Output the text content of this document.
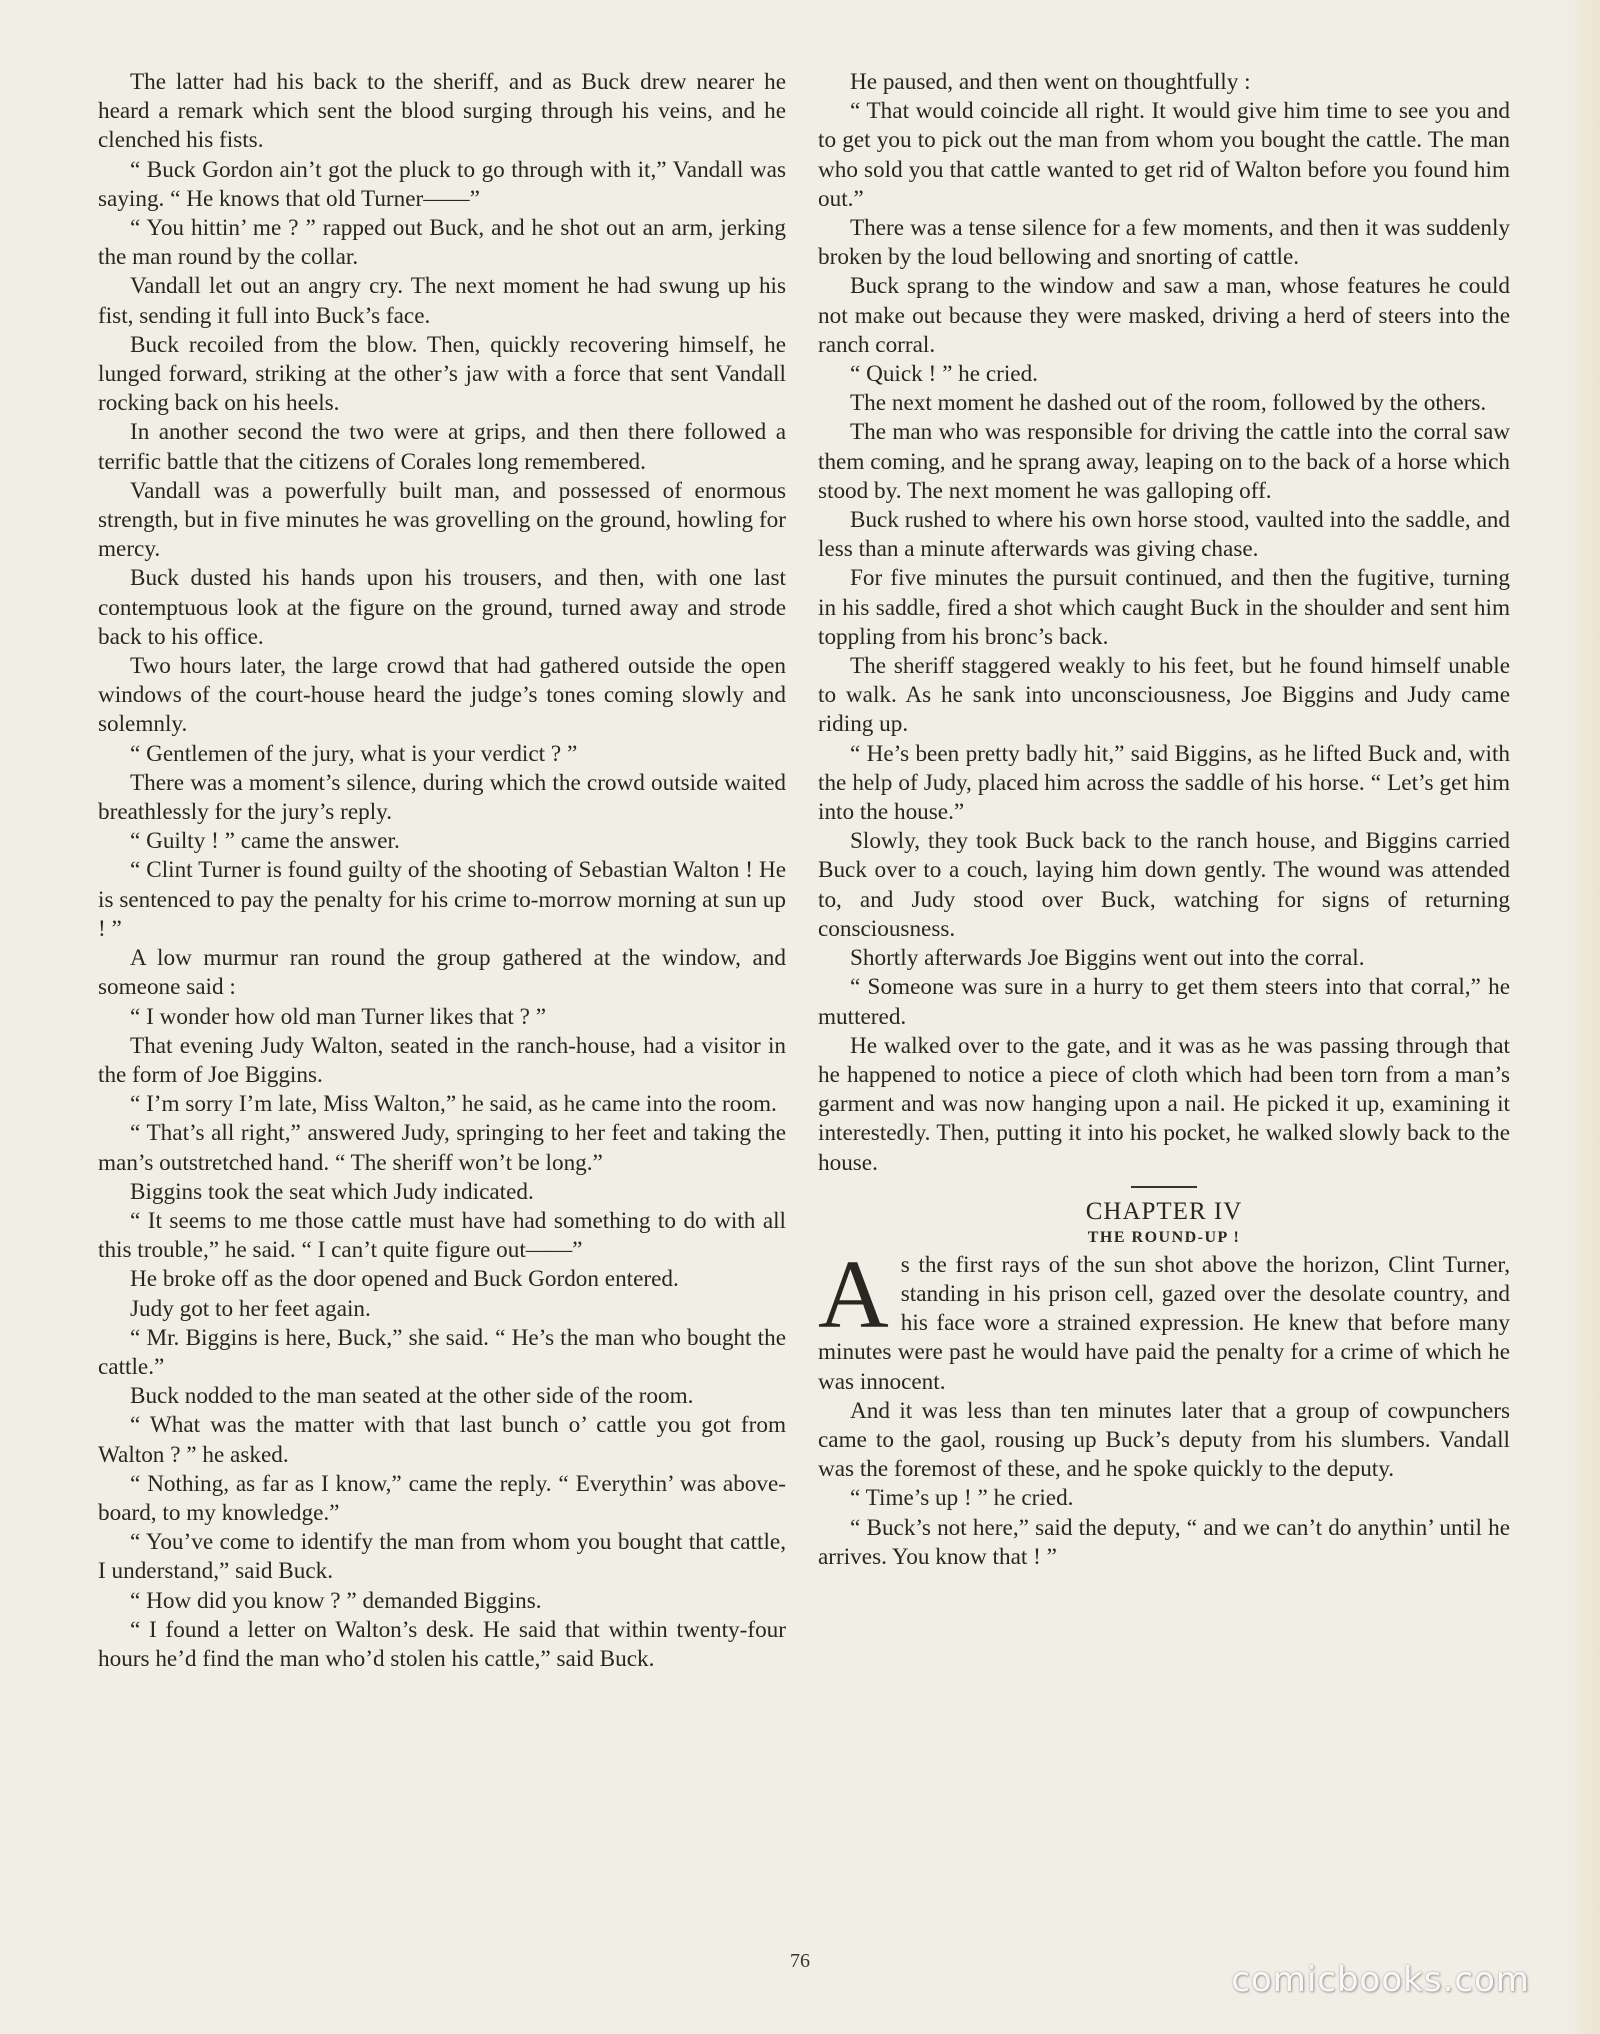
The latter had his back to the sheriff, and as Buck drew nearer he heard a remark which sent the blood surging through his veins, and he clenched his fists.

“ Buck Gordon ain’t got the pluck to go through with it,” Vandall was saying. “ He knows that old Turner——”

“ You hittin’ me ? ” rapped out Buck, and he shot out an arm, jerking the man round by the collar.

Vandall let out an angry cry. The next moment he had swung up his fist, sending it full into Buck’s face.

Buck recoiled from the blow. Then, quickly recovering himself, he lunged forward, striking at the other’s jaw with a force that sent Vandall rocking back on his heels.

In another second the two were at grips, and then there followed a terrific battle that the citizens of Corales long remembered.

Vandall was a powerfully built man, and possessed of enormous strength, but in five minutes he was grovelling on the ground, howling for mercy.

Buck dusted his hands upon his trousers, and then, with one last contemptuous look at the figure on the ground, turned away and strode back to his office.

Two hours later, the large crowd that had gathered outside the open windows of the court-house heard the judge’s tones coming slowly and solemnly.

“ Gentlemen of the jury, what is your verdict ? ”

There was a moment’s silence, during which the crowd outside waited breathlessly for the jury’s reply.

“ Guilty ! ” came the answer.

“ Clint Turner is found guilty of the shooting of Sebastian Walton ! He is sentenced to pay the penalty for his crime to-morrow morning at sun up ! ”

A low murmur ran round the group gathered at the window, and someone said :

“ I wonder how old man Turner likes that ? ”

That evening Judy Walton, seated in the ranch-house, had a visitor in the form of Joe Biggins.

“ I’m sorry I’m late, Miss Walton,” he said, as he came into the room.

“ That’s all right,” answered Judy, springing to her feet and taking the man’s outstretched hand. “ The sheriff won’t be long.”

Biggins took the seat which Judy indicated.

“ It seems to me those cattle must have had something to do with all this trouble,” he said. “ I can’t quite figure out——”

He broke off as the door opened and Buck Gordon entered.

Judy got to her feet again.

“ Mr. Biggins is here, Buck,” she said. “ He’s the man who bought the cattle.”

Buck nodded to the man seated at the other side of the room.

“ What was the matter with that last bunch o’ cattle you got from Walton ? ” he asked.

“ Nothing, as far as I know,” came the reply. “ Everythin’ was above-board, to my knowledge.”

“ You’ve come to identify the man from whom you bought that cattle, I understand,” said Buck.

“ How did you know ? ” demanded Biggins.

“ I found a letter on Walton’s desk. He said that within twenty-four hours he’d find the man who’d stolen his cattle,” said Buck.

He paused, and then went on thoughtfully :

“ That would coincide all right. It would give him time to see you and to get you to pick out the man from whom you bought the cattle. The man who sold you that cattle wanted to get rid of Walton before you found him out.”

There was a tense silence for a few moments, and then it was suddenly broken by the loud bellowing and snorting of cattle.

Buck sprang to the window and saw a man, whose features he could not make out because they were masked, driving a herd of steers into the ranch corral.

“ Quick ! ” he cried.

The next moment he dashed out of the room, followed by the others.

The man who was responsible for driving the cattle into the corral saw them coming, and he sprang away, leaping on to the back of a horse which stood by. The next moment he was galloping off.

Buck rushed to where his own horse stood, vaulted into the saddle, and less than a minute afterwards was giving chase.

For five minutes the pursuit continued, and then the fugitive, turning in his saddle, fired a shot which caught Buck in the shoulder and sent him toppling from his bronc’s back.

The sheriff staggered weakly to his feet, but he found himself unable to walk. As he sank into unconsciousness, Joe Biggins and Judy came riding up.

“ He’s been pretty badly hit,” said Biggins, as he lifted Buck and, with the help of Judy, placed him across the saddle of his horse. “ Let’s get him into the house.”

Slowly, they took Buck back to the ranch house, and Biggins carried Buck over to a couch, laying him down gently. The wound was attended to, and Judy stood over Buck, watching for signs of returning consciousness.

Shortly afterwards Joe Biggins went out into the corral.

“ Someone was sure in a hurry to get them steers into that corral,” he muttered.

He walked over to the gate, and it was as he was passing through that he happened to notice a piece of cloth which had been torn from a man’s garment and was now hanging upon a nail. He picked it up, examining it interestedly. Then, putting it into his pocket, he walked slowly back to the house.

CHAPTER IV
THE ROUND-UP !

As the first rays of the sun shot above the horizon, Clint Turner, standing in his prison cell, gazed over the desolate country, and his face wore a strained expression. He knew that before many minutes were past he would have paid the penalty for a crime of which he was innocent.

And it was less than ten minutes later that a group of cowpunchers came to the gaol, rousing up Buck’s deputy from his slumbers. Vandall was the foremost of these, and he spoke quickly to the deputy.

“ Time’s up ! ” he cried.

“ Buck’s not here,” said the deputy, “ and we can’t do anythin’ until he arrives. You know that ! ”

76	comicbooks.com
